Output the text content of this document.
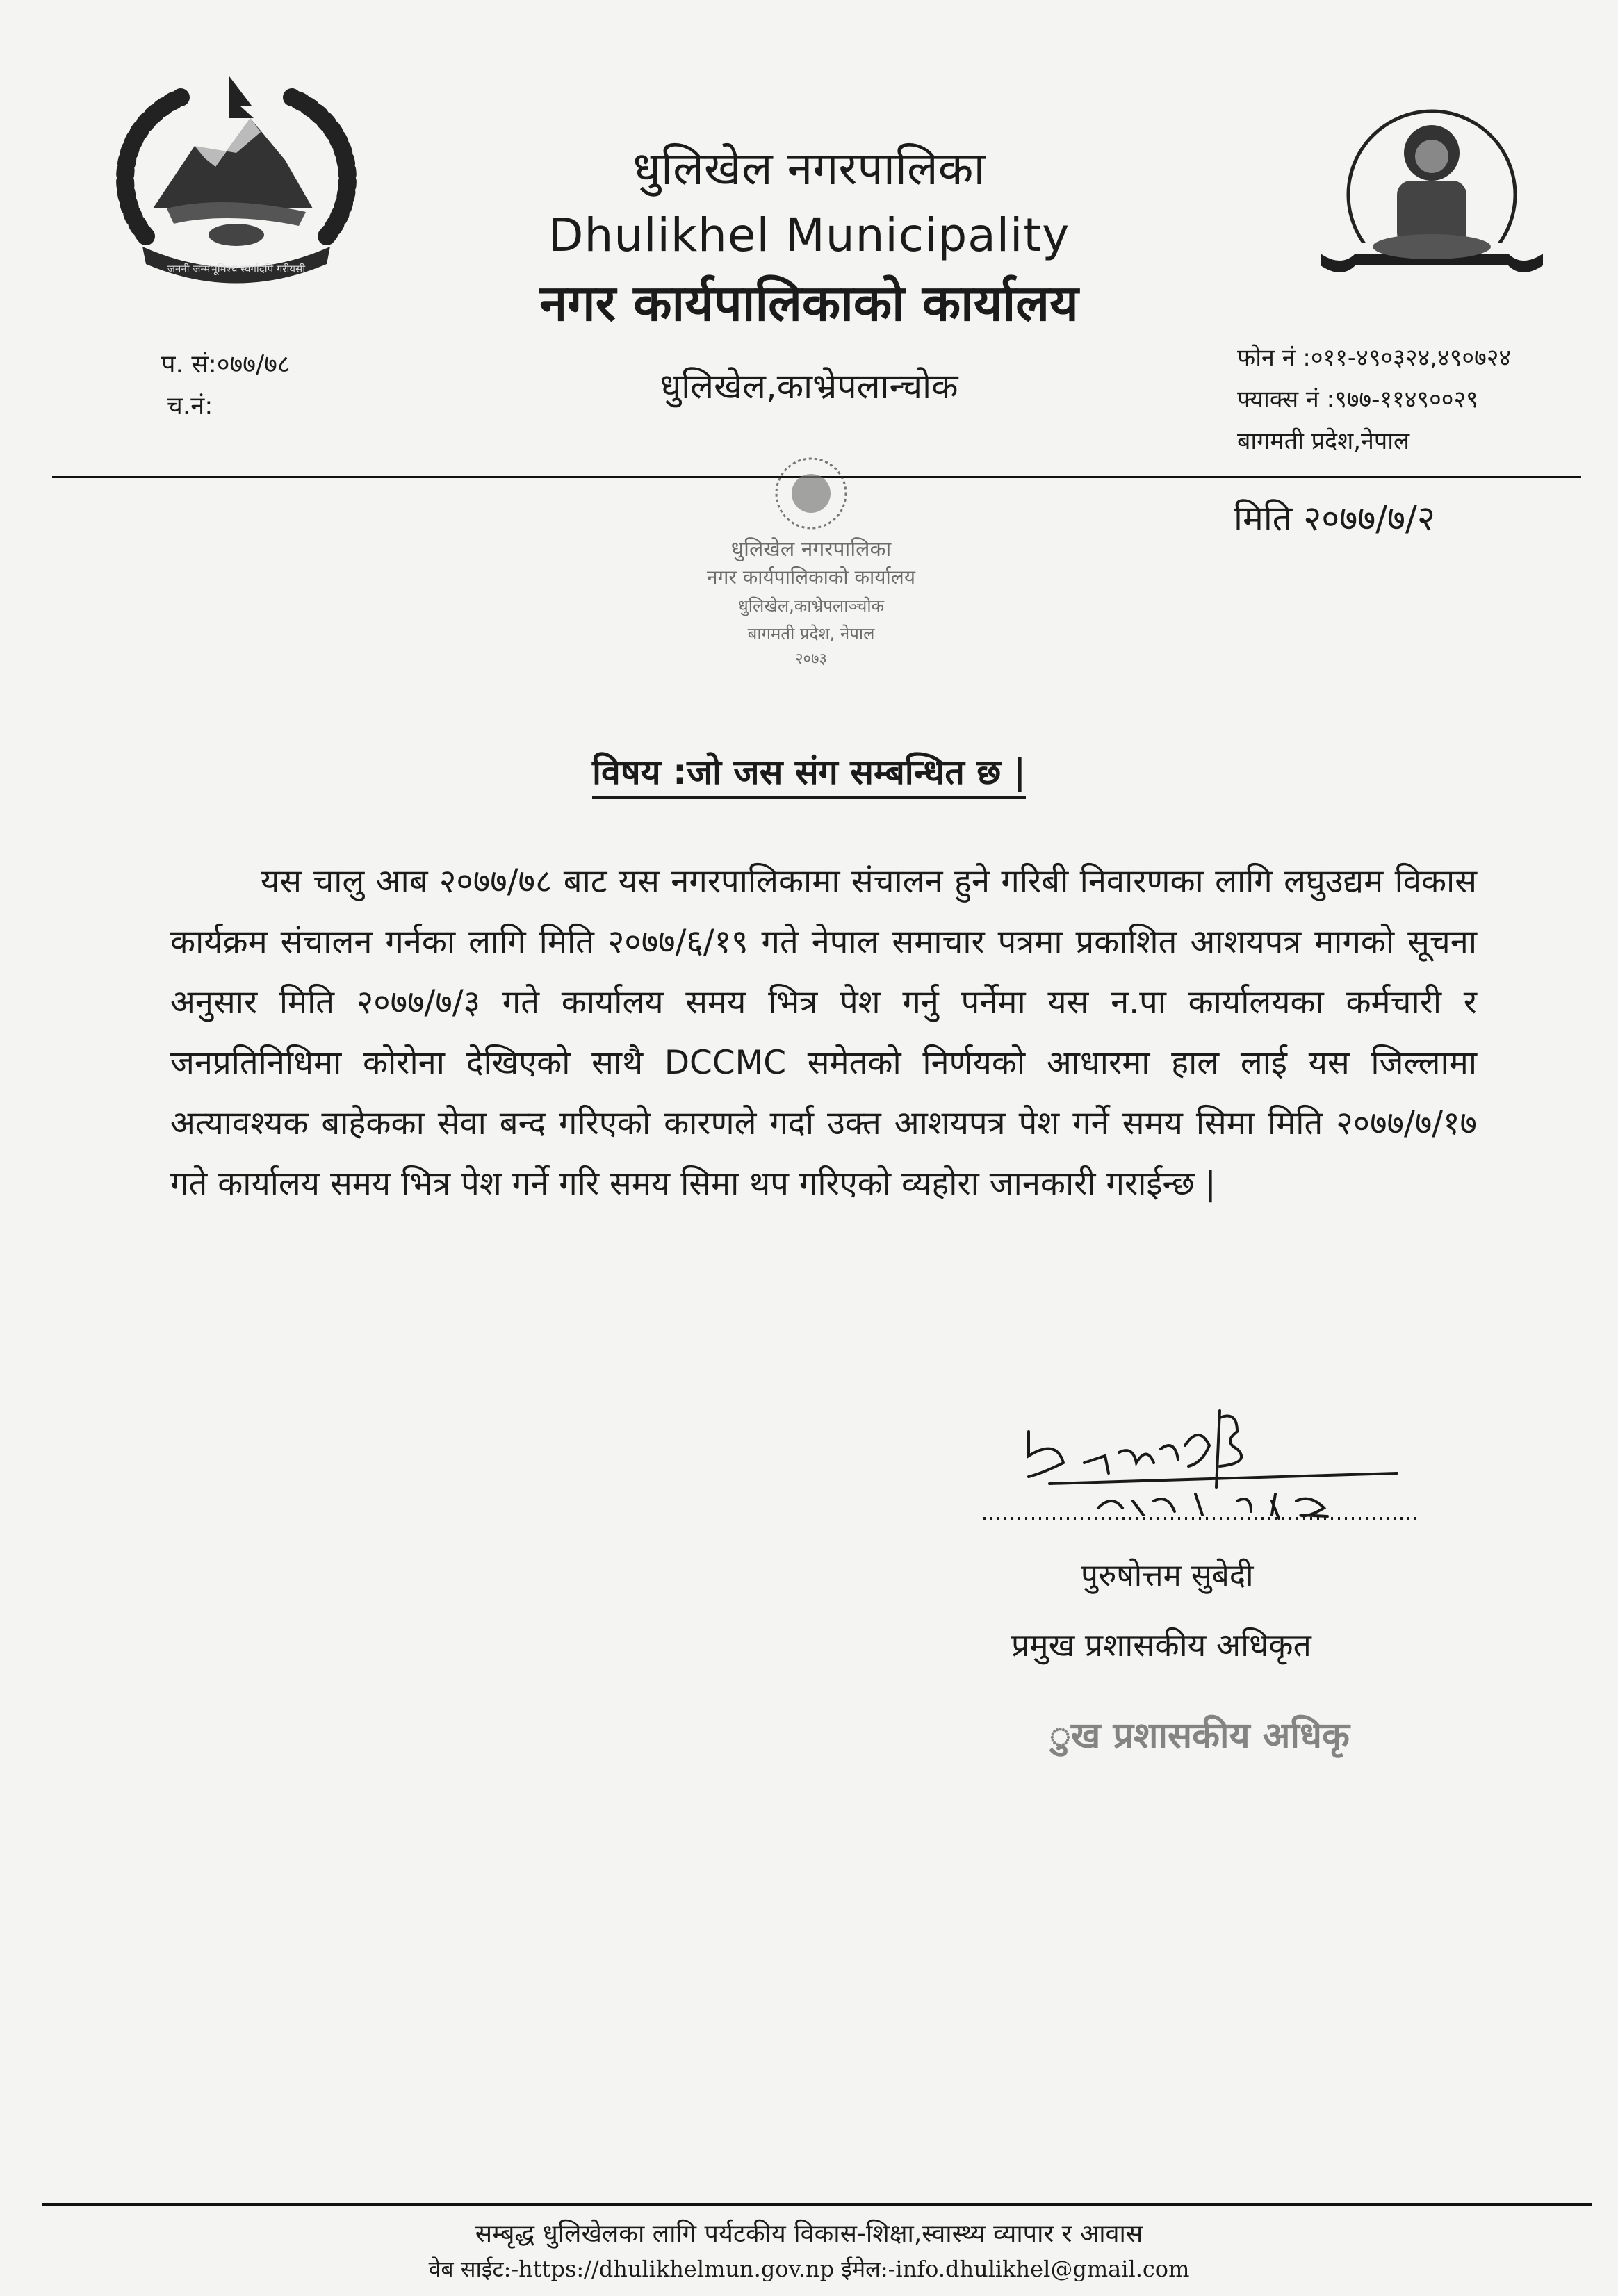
जननी जन्मभूमिश्च स्वर्गादपि गरीयसी
धुलिखेल नगरपालिका
Dhulikhel Municipality
नगर कार्यपालिकाको कार्यालय
धुलिखेल,काभ्रेपलान्चोक
प. सं:०७७/७८
च.नं:
फोन नं :०११-४९०३२४,४९०७२४
फ्याक्स नं :९७७-११४९००२९
बागमती प्रदेश,नेपाल
धुलिखेल नगरपालिका
नगर कार्यपालिकाको कार्यालय
धुलिखेल,काभ्रेपलाञ्चोक
बागमती प्रदेश, नेपाल
२०७३
मिति २०७७/७/२
विषय :जो जस संग सम्बन्धित छ |
यस चालु आब २०७७/७८ बाट यस नगरपालिकामा संचालन हुने गरिबी निवारणका लागि लघुउद्यम विकास कार्यक्रम संचालन गर्नका लागि मिति २०७७/६/१९ गते नेपाल समाचार पत्रमा प्रकाशित आशयपत्र मागको सूचना अनुसार मिति २०७७/७/३ गते कार्यालय समय भित्र पेश गर्नु पर्नेमा यस न.पा कार्यालयका कर्मचारी र जनप्रतिनिधिमा कोरोना देखिएको साथै DCCMC समेतको निर्णयको आधारमा हाल लाई यस जिल्लामा अत्यावश्यक बाहेकका सेवा बन्द गरिएको कारणले गर्दा उक्त आशयपत्र पेश गर्ने समय सिमा मिति २०७७/७/१७ गते कार्यालय समय भित्र पेश गर्ने गरि समय सिमा थप गरिएको व्यहोरा जानकारी गराईन्छ |
पुरुषोत्तम सुबेदी
प्रमुख प्रशासकीय अधिकृत
ुख प्रशासकीय अधिकृ
सम्बृद्ध धुलिखेलका लागि पर्यटकीय विकास-शिक्षा,स्वास्थ्य व्यापार र आवास
वेब साईट:-https://dhulikhelmun.gov.np ईमेल:-info.dhulikhel@gmail.com
